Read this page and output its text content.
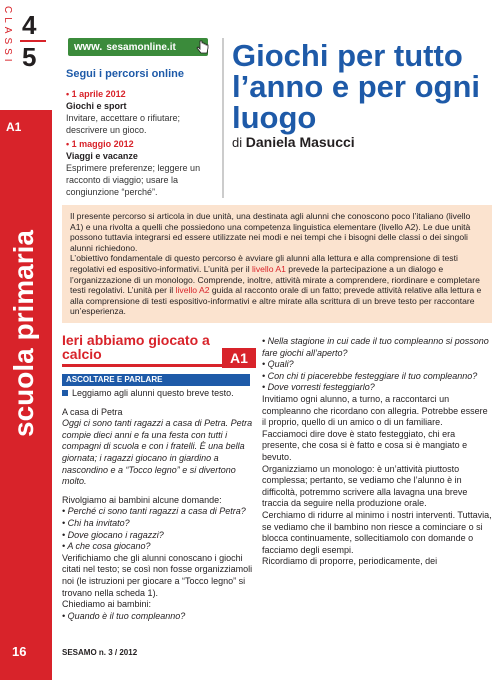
CLASSI 4
5
A1
scuola primaria
16
www. sesamonline.it
Segui i percorsi online
• 1 aprile 2012
Giochi e sport
Invitare, accettare o rifiutare; descrivere un gioco.
• 1 maggio 2012
Viaggi e vacanze
Esprimere preferenze; leggere un racconto di viaggio; usare la congiunzione “perché”.
Giochi per tutto l’anno e per ogni luogo
di Daniela Masucci

Il presente percorso si articola in due unità, una destinata agli alunni che conoscono poco l’italiano (livello A1) e una rivolta a quelli che possiedono una competenza linguistica elementare (livello A2). Le due unità possono tuttavia integrarsi ed essere utilizzate nei modi e nei tempi che i bisogni delle classi o dei singoli alunni richiedono.

L’obiettivo fondamentale di questo percorso è avviare gli alunni alla lettura e alla comprensione di testi regolativi ed espositivo-informativi. L’unità per il livello A1 prevede la partecipazione a un dialogo e l’organizzazione di un monologo. Comprende, inoltre, attività mirate a comprendere, riordinare e completare testi regolativi. L’unità per il livello A2 guida al racconto orale di un fatto; prevede attività relative alla lettura e alla comprensione di testi espositivo-informativi e altre mirate alla scrittura di un breve testo per raccontare un’esperienza.

Ieri abbiamo giocato a calcio	A1
ASCOLTARE E PARLARE
Leggiamo agli alunni questo breve testo.
A casa di Petra
Oggi ci sono tanti ragazzi a casa di Petra. Petra compie dieci anni e fa una festa con tutti i compagni di scuola e con i fratelli. È una bella giornata; i ragazzi giocano in giardino a nascondino e a “Tocco legno” e si divertono molto.
Rivolgiamo ai bambini alcune domande:
• Perché ci sono tanti ragazzi a casa di Petra?
• Chi ha invitato?
• Dove giocano i ragazzi?
• A che cosa giocano?
Verifichiamo che gli alunni conoscano i giochi citati nel testo; se così non fosse organizziamoli noi (le istruzioni per giocare a “Tocco legno” si trovano nella scheda 1).
Chiediamo ai bambini:
• Quando è il tuo compleanno?
• Nella stagione in cui cade il tuo compleanno si possono fare giochi all’aperto?
• Quali?
• Con chi ti piacerebbe festeggiare il tuo compleanno?
• Dove vorresti festeggiarlo?
Invitiamo ogni alunno, a turno, a raccontarci un compleanno che ricordano con allegria. Potrebbe essere il proprio, quello di un amico o di un familiare.
Facciamoci dire dove è stato festeggiato, chi era presente, che cosa si è fatto e cosa si è mangiato e bevuto.
Organizziamo un monologo: è un’attività piuttosto complessa; pertanto, se vediamo che l’alunno è in difficoltà, potremmo scrivere alla lavagna una breve traccia da seguire nella produzione orale.
Cerchiamo di ridurre al minimo i nostri interventi. Tuttavia, se vediamo che il bambino non riesce a cominciare o si blocca continuamente, sollecitiamolo con domande o facciamo degli esempi.
Ricordiamo di proporre, periodicamente, dei
SESAMO n. 3 / 2012
